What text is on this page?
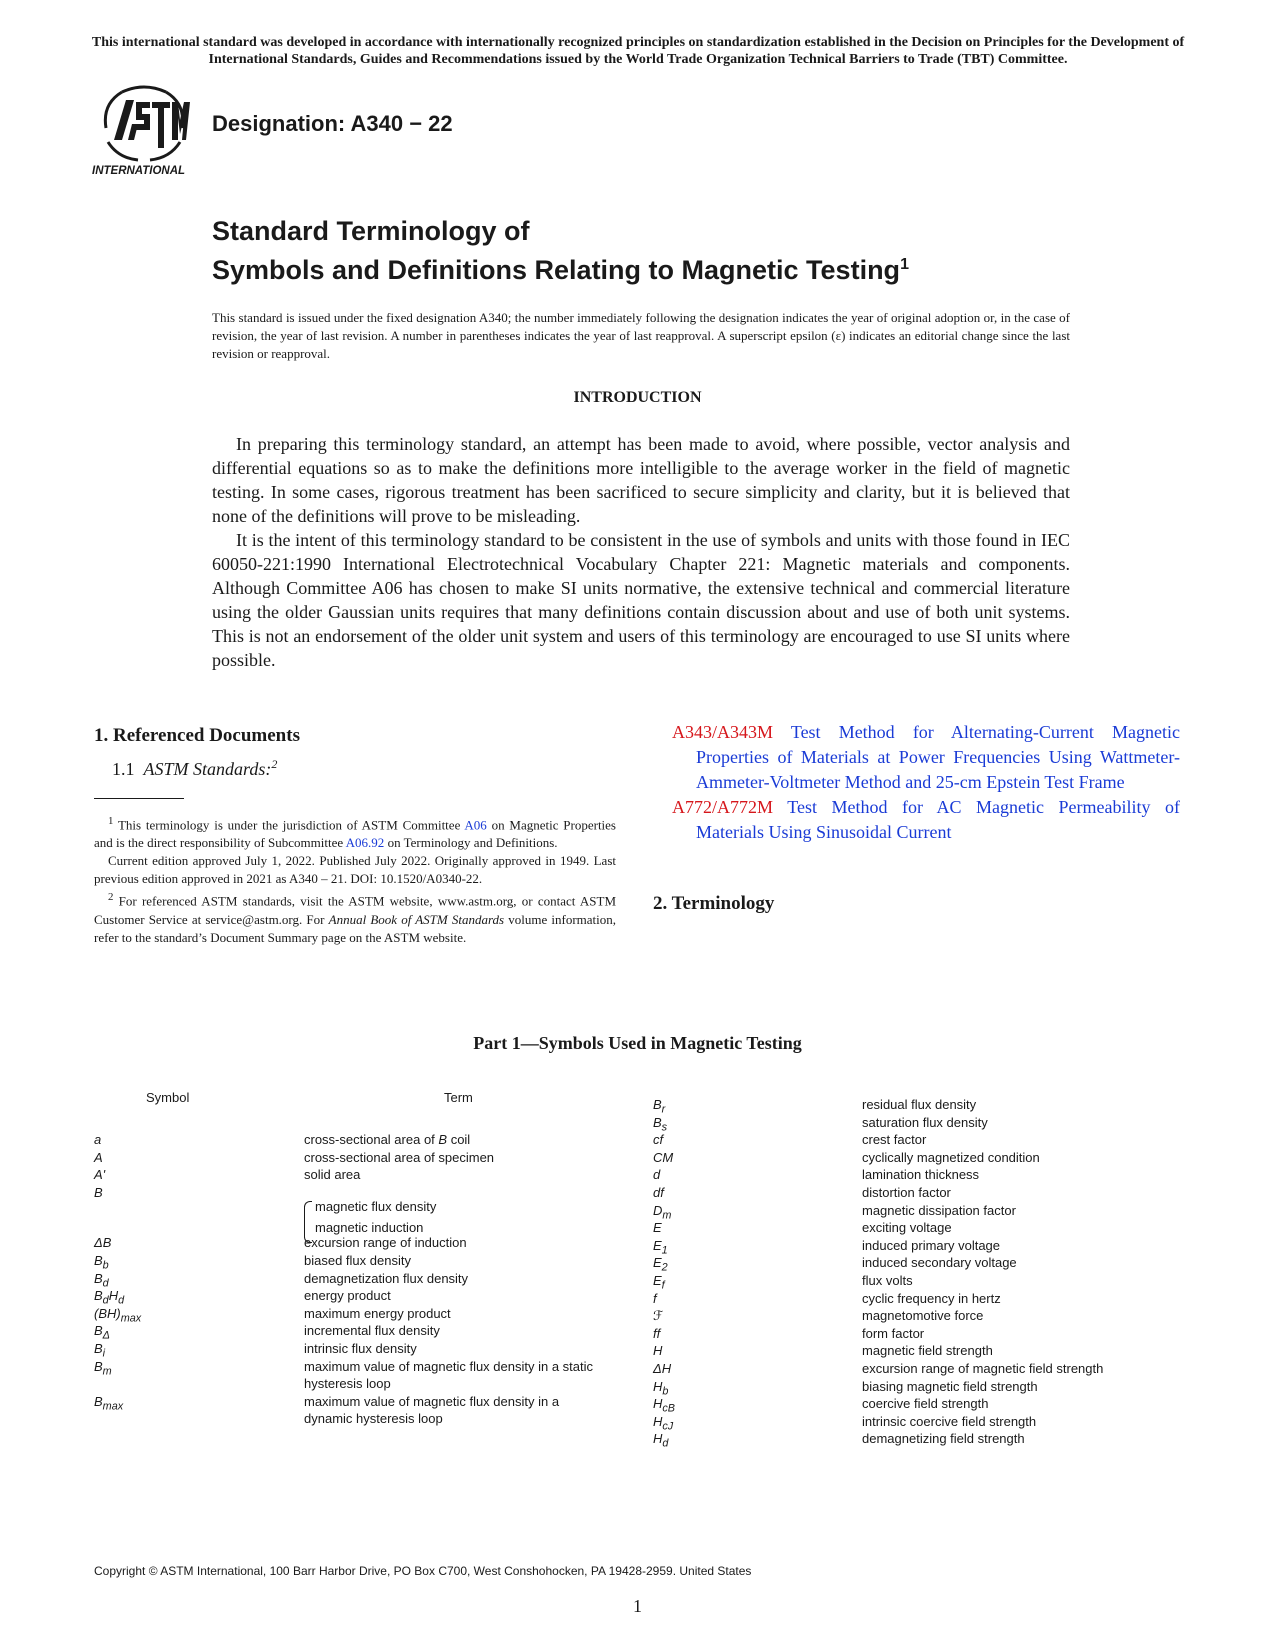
This international standard was developed in accordance with internationally recognized principles on standardization established in the Decision on Principles for the Development of International Standards, Guides and Recommendations issued by the World Trade Organization Technical Barriers to Trade (TBT) Committee.
INTERNATIONAL
Designation: A340 − 22
Standard Terminology of
Symbols and Definitions Relating to Magnetic Testing$^1$
This standard is issued under the fixed designation A340; the number immediately following the designation indicates the year of original adoption or, in the case of revision, the year of last revision. A number in parentheses indicates the year of last reapproval. A superscript epsilon (ε) indicates an editorial change since the last revision or reapproval.
INTRODUCTION

In preparing this terminology standard, an attempt has been made to avoid, where possible, vector analysis and differential equations so as to make the definitions more intelligible to the average worker in the field of magnetic testing. In some cases, rigorous treatment has been sacrificed to secure simplicity and clarity, but it is believed that none of the definitions will prove to be misleading.

It is the intent of this terminology standard to be consistent in the use of symbols and units with those found in IEC 60050-221:1990 International Electrotechnical Vocabulary Chapter 221: Magnetic materials and components. Although Committee A06 has chosen to make SI units normative, the extensive technical and commercial literature using the older Gaussian units requires that many definitions contain discussion about and use of both unit systems. This is not an endorsement of the older unit system and users of this terminology are encouraged to use SI units where possible.

1. Referenced Documents
1.1 ASTM Standards:$^2$

$^1$ This terminology is under the jurisdiction of ASTM Committee A06 on Magnetic Properties and is the direct responsibility of Subcommittee A06.92 on Terminology and Definitions.

Current edition approved July 1, 2022. Published July 2022. Originally approved in 1949. Last previous edition approved in 2021 as A340 – 21. DOI: 10.1520/A0340-22.

$^2$ For referenced ASTM standards, visit the ASTM website, www.astm.org, or contact ASTM Customer Service at service@astm.org. For Annual Book of ASTM Standards volume information, refer to the standard’s Document Summary page on the ASTM website.

A343/A343M Test Method for Alternating-Current Magnetic Properties of Materials at Power Frequencies Using Wattmeter-Ammeter-Voltmeter Method and 25-cm Epstein Test Frame

A772/A772M Test Method for AC Magnetic Permeability of Materials Using Sinusoidal Current

2. Terminology
Part 1—Symbols Used in Magnetic Testing
Symbol	Term
a
A
A'
B
ΔB
$B_b$
$B_d$
$B_dH_d$
$(BH)_{max}$
$B_\Delta$
$B_i$
$B_m$
$B_{max}$
cross-sectional area of B coil
cross-sectional area of specimen
solid area
excursion range of induction
biased flux density
demagnetization flux density
energy product
maximum energy product
incremental flux density
intrinsic flux density
maximum value of magnetic flux density in a static hysteresis loop
maximum value of magnetic flux density in a dynamic hysteresis loop
magnetic flux density
magnetic induction
$B_r$
$B_s$
cf
CM
d
df
$D_m$
E
$E_1$
$E_2$
$E_f$
f
ℱ
ff
H
ΔH
$H_b$
$H_{cB}$
$H_{cJ}$
$H_d$
residual flux density
saturation flux density
crest factor
cyclically magnetized condition
lamination thickness
distortion factor
magnetic dissipation factor
exciting voltage
induced primary voltage
induced secondary voltage
flux volts
cyclic frequency in hertz
magnetomotive force
form factor
magnetic field strength
excursion range of magnetic field strength
biasing magnetic field strength
coercive field strength
intrinsic coercive field strength
demagnetizing field strength
Copyright © ASTM International, 100 Barr Harbor Drive, PO Box C700, West Conshohocken, PA 19428-2959. United States
1
